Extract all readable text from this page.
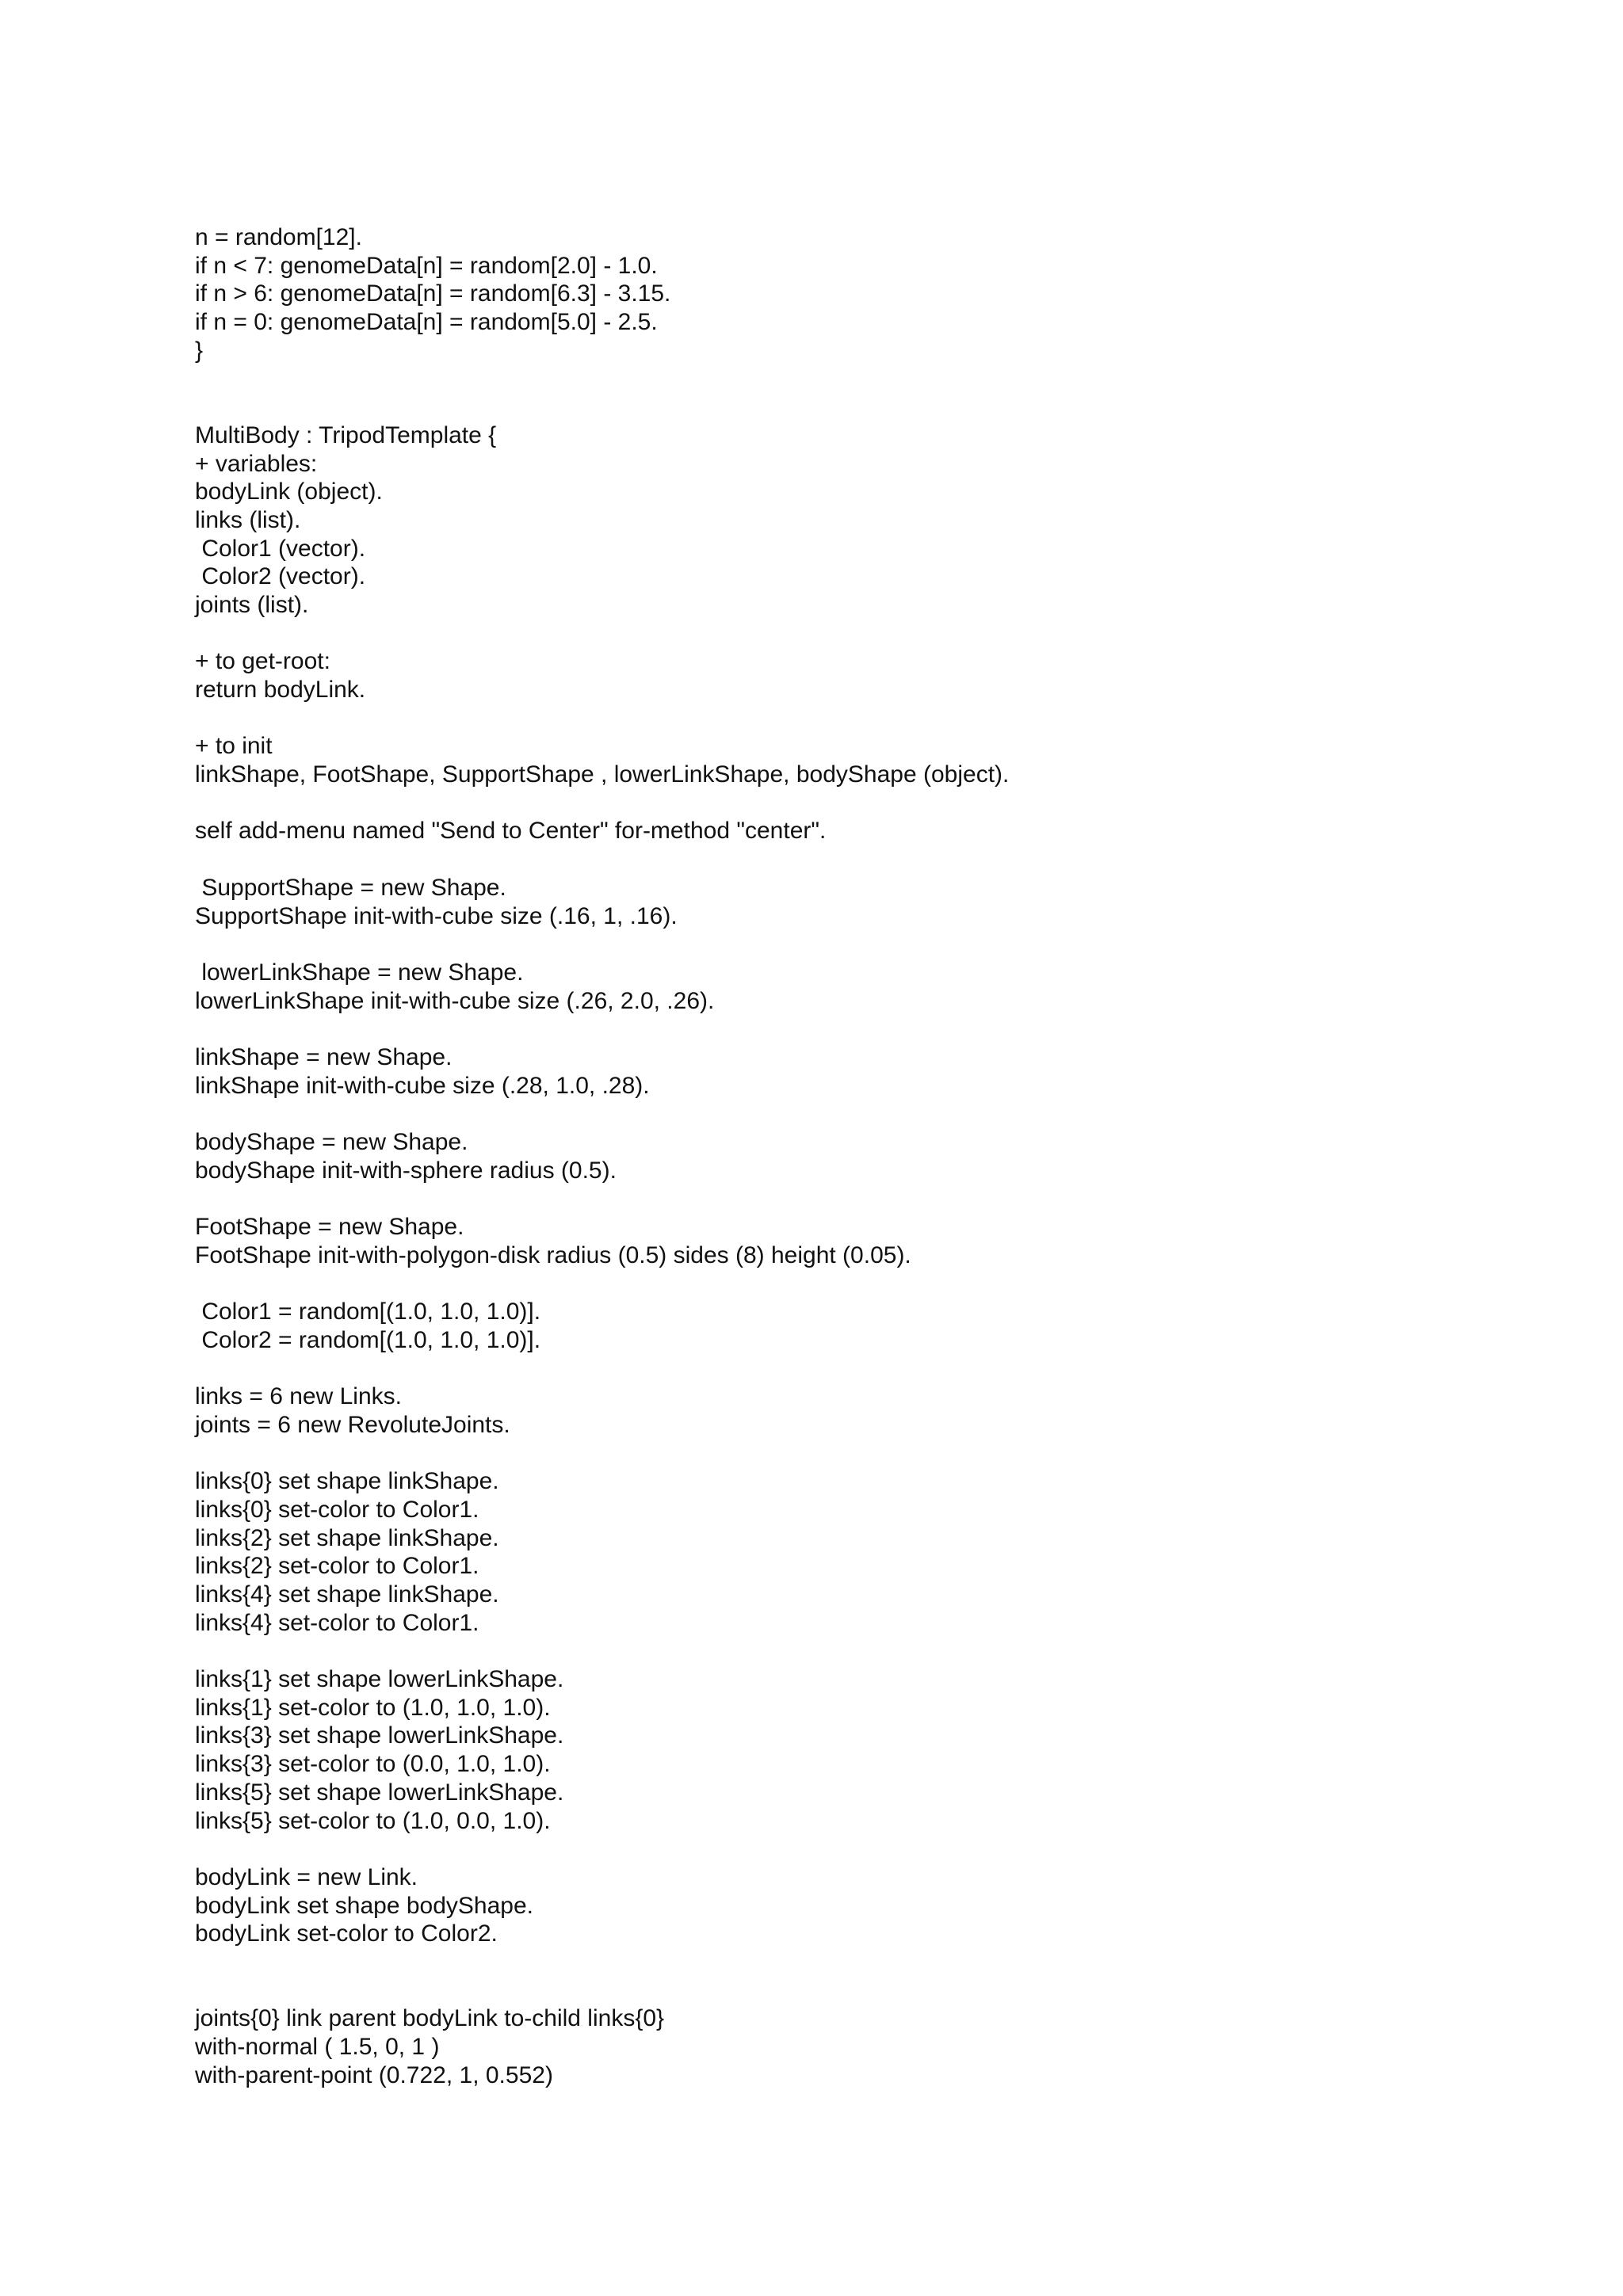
n = random[12].
if n < 7: genomeData[n] = random[2.0] - 1.0.
if n > 6: genomeData[n] = random[6.3] - 3.15.
if n = 0: genomeData[n] = random[5.0] - 2.5.
}
MultiBody : TripodTemplate {
+ variables:
bodyLink (object).
links (list).
Color1 (vector).
Color2 (vector).
joints (list).
+ to get-root:
return bodyLink.
+ to init
linkShape, FootShape, SupportShape , lowerLinkShape, bodyShape (object).
self add-menu named "Send to Center" for-method "center".
SupportShape = new Shape.
SupportShape init-with-cube size (.16, 1, .16).
lowerLinkShape = new Shape.
lowerLinkShape init-with-cube size (.26, 2.0, .26).
linkShape = new Shape.
linkShape init-with-cube size (.28, 1.0, .28).
bodyShape = new Shape.
bodyShape init-with-sphere radius (0.5).
FootShape = new Shape.
FootShape init-with-polygon-disk radius (0.5) sides (8) height (0.05).
Color1 = random[(1.0, 1.0, 1.0)].
Color2 = random[(1.0, 1.0, 1.0)].
links = 6 new Links.
joints = 6 new RevoluteJoints.
links{0} set shape linkShape.
links{0} set-color to Color1.
links{2} set shape linkShape.
links{2} set-color to Color1.
links{4} set shape linkShape.
links{4} set-color to Color1.
links{1} set shape lowerLinkShape.
links{1} set-color to (1.0, 1.0, 1.0).
links{3} set shape lowerLinkShape.
links{3} set-color to (0.0, 1.0, 1.0).
links{5} set shape lowerLinkShape.
links{5} set-color to (1.0, 0.0, 1.0).
bodyLink = new Link.
bodyLink set shape bodyShape.
bodyLink set-color to Color2.
joints{0} link parent bodyLink to-child links{0}
with-normal ( 1.5, 0, 1 )
with-parent-point (0.722, 1, 0.552)
